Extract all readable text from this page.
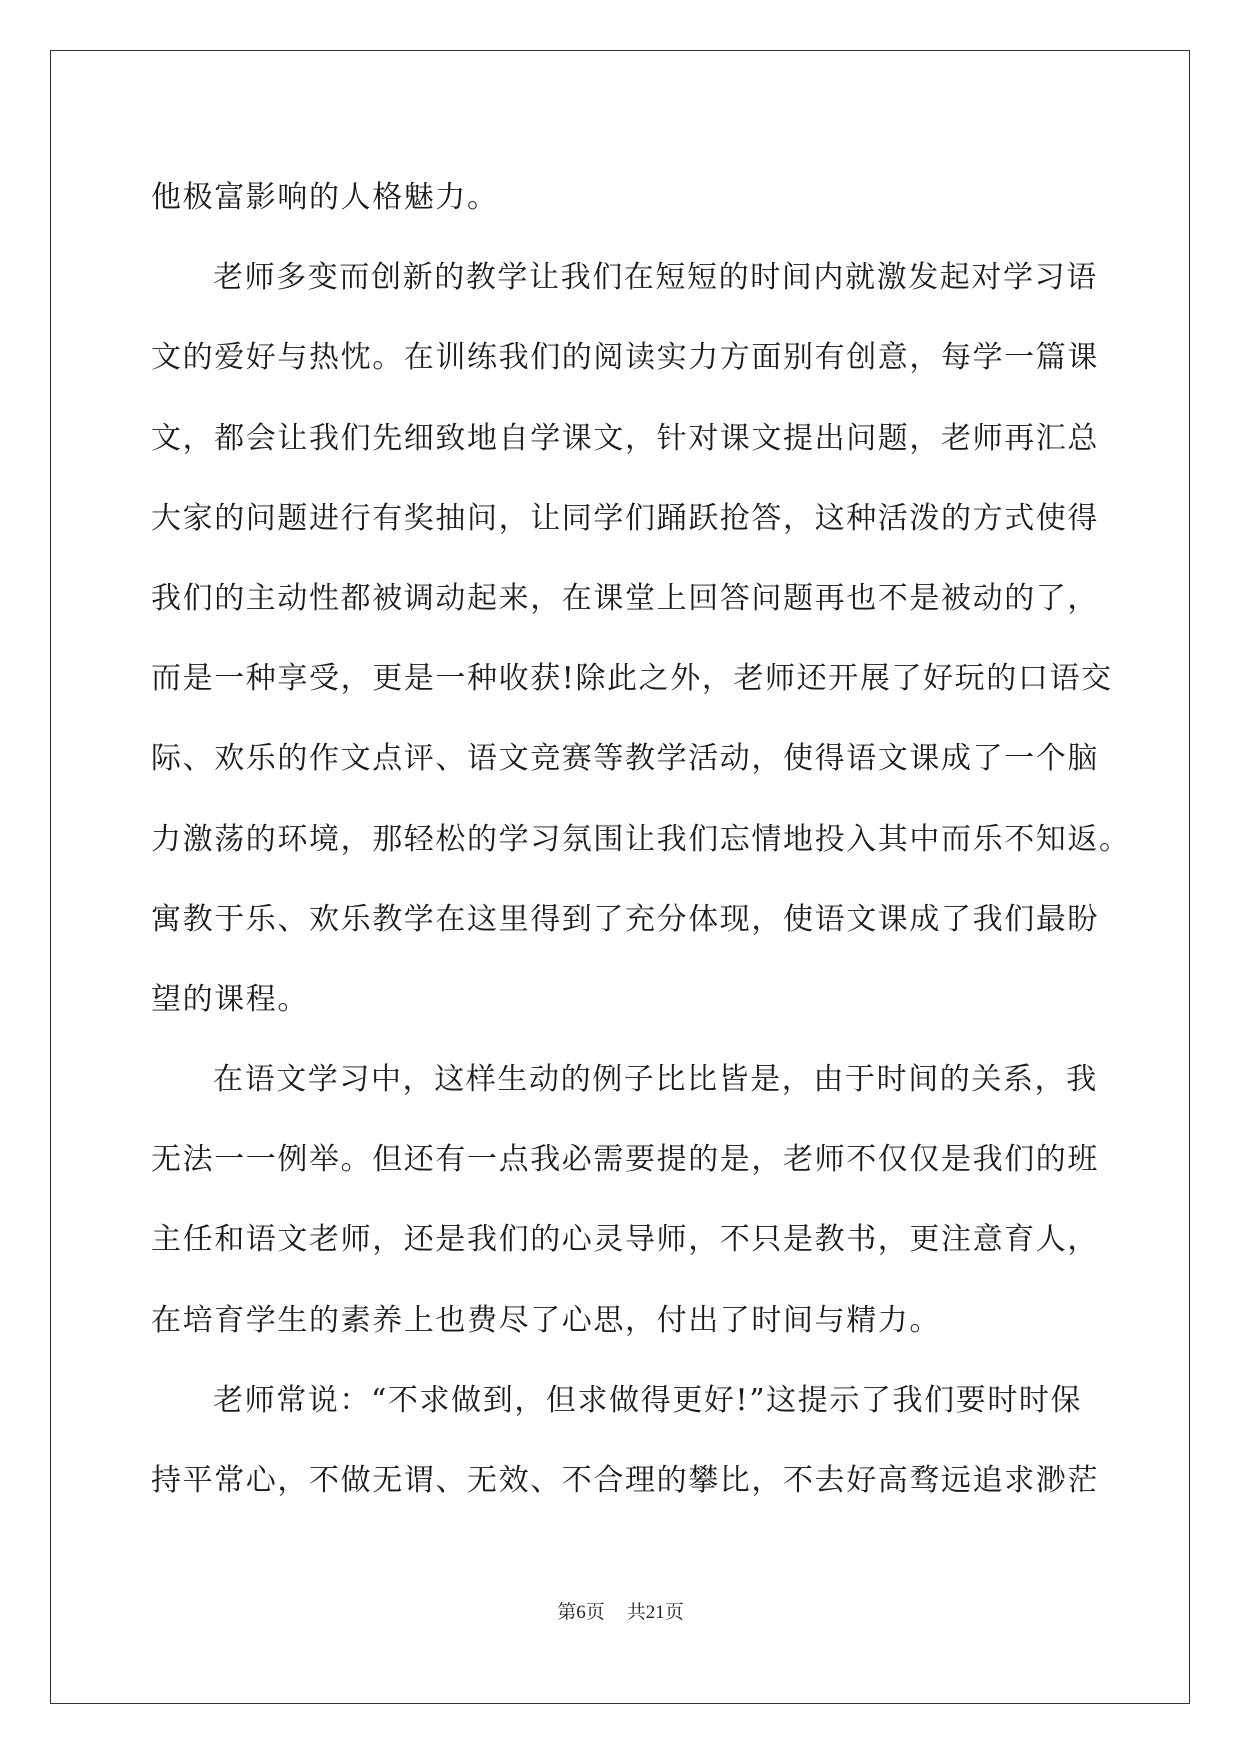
他极富影响的人格魅力。
老师多变而创新的教学让我们在短短的时间内就激发起对学习语
文的爱好与热忱。在训练我们的阅读实力方面别有创意，每学一篇课
文，都会让我们先细致地自学课文，针对课文提出问题，老师再汇总
大家的问题进行有奖抽问，让同学们踊跃抢答，这种活泼的方式使得
我们的主动性都被调动起来，在课堂上回答问题再也不是被动的了，
而是一种享受，更是一种收获!除此之外，老师还开展了好玩的口语交
际、欢乐的作文点评、语文竞赛等教学活动，使得语文课成了一个脑
力激荡的环境，那轻松的学习氛围让我们忘情地投入其中而乐不知返。
寓教于乐、欢乐教学在这里得到了充分体现，使语文课成了我们最盼
望的课程。
在语文学习中，这样生动的例子比比皆是，由于时间的关系，我
无法一一例举。但还有一点我必需要提的是，老师不仅仅是我们的班
主任和语文老师，还是我们的心灵导师，不只是教书，更注意育人，
在培育学生的素养上也费尽了心思，付出了时间与精力。
老师常说：“不求做到，但求做得更好!”这提示了我们要时时保
持平常心，不做无谓、无效、不合理的攀比，不去好高骛远追求渺茫
第6页 共21页
